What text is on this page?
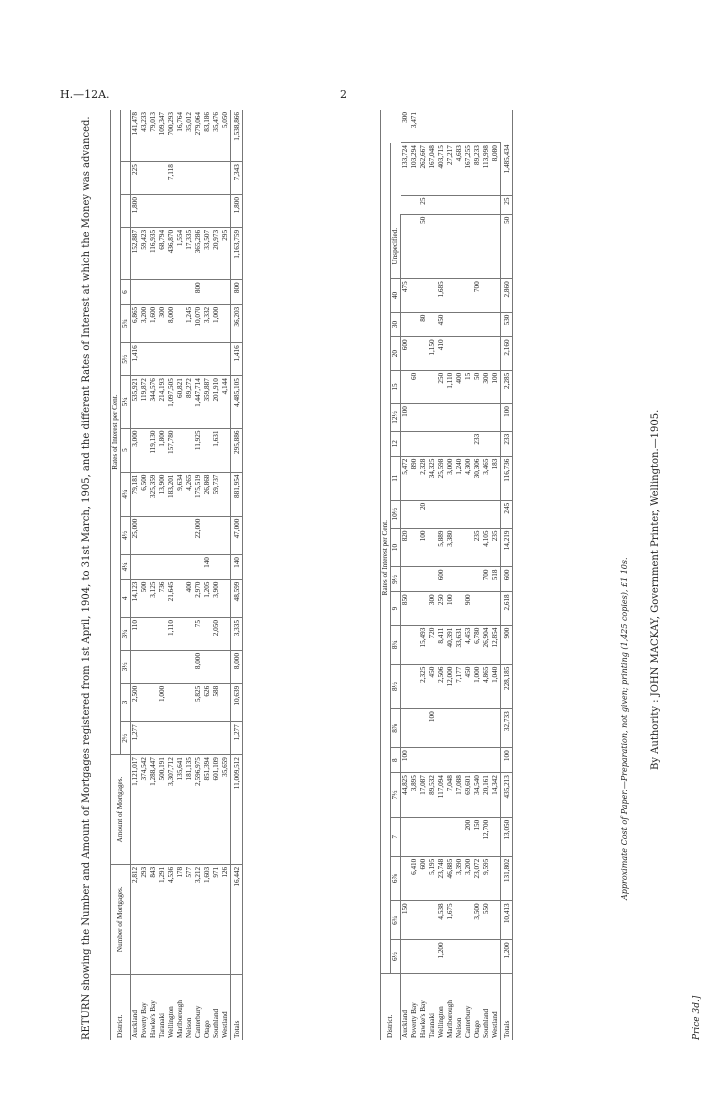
H.—12A.	2
RETURN showing the Number and Amount of Mortgages registered from 1st April, 1904, to 31st March, 1905, and the different Rates of Interest at which the Money was advanced.	District.	Number of Mortgages.	Amount of Mortgages.	Rates of Interest per Cent.																
			2½	3	3½	3¾	4	4¼	4½	4¾	5	5¼	5½	5¾	6				
Auckland	2,812	1,121,017	1,277	2,500		110	14,123		25,000	79,181	3,000	535,921	1,416	6,865		152,887	1,800	225	141,478
Poverty Bay	293	374,542					500			6,500		119,872		3,200		59,423			43,233
Hawke's Bay	843	1,288,447					3,125			325,359	119,130	344,576		1,600		116,935			79,013
Taranaki	1,291	500,191		1,000			736			13,900	1,800	214,193		300		68,794			109,347
Wellington	4,536	3,307,712				1,110	21,645			183,201	157,780	1,097,505		8,000		436,870		7,118	700,293
Marlborough	178	135,641								9,634		60,821				1,554			16,764
Nelson	577	181,135					400			4,265		89,272		1,245		17,335			35,012
Canterbury	3,212	2,596,975		5,825	8,000	75	2,970		22,000	175,519	11,925	1,447,714		10,070	800	365,286			279,064
Otago	1,603	851,394		626			1,205	140		26,868		359,887		3,332		33,507			83,186
Southland	971	601,109		588		2,050	3,900			59,737	1,631	201,910		1,000		20,973			35,476
Westland	126	35,659										4,144				295			5,050
Totals	16,442	11,009,512	1,277	10,639	8,000	3,335	48,599	140	47,000	881,954	295,886	4,485,105	1,416	36,203	800	1,163,759	1,800	7,343	1,538,866
District.	Rates of Interest per Cent.																							
	6½	6¾	6⅞	7	7½	8	8⅞	8½	8¾	9	9½	10	10½	11	12	12½	15	20	30	40	Unspecified.			
Auckland		150			44,825	100				850		820		5,472		100		600		475			133,724	300
Poverty Bay			6,410		3,895									890			60						103,294	3,471
Hawke's Bay			600		17,087			2,325	15,493			100	20	2,328					80		50	25	262,667	
Taranaki			5,195		89,532		100	450	720	300				34,325				1,150					167,048	
Wellington	1,200	4,538	23,748		117,094			2,506	8,411	250	600	5,889		25,598			250	410	450	1,685			403,715	
Marlborough		1,675	46,885		7,048			12,000	40,391	100		3,380		3,000			1,110						27,217	
Nelson			3,390		17,088			7,177	33,631					1,240			400						4,683	
Canterbury			3,200	200	69,601			450	4,453	900				4,300			15						167,255	
Otago		3,500	23,072	150	34,540			1,000	6,780			235		30,306	233		50			700			89,233	
Southland		550	9,595	12,700	20,161			4,865	26,904		700	4,105		3,465			300						113,998	
Westland					14,342			1,040	12,854		518	235		183			100						8,080	
Totals	1,200	10,413	131,802	13,050	435,213	100	32,733	228,185	900	2,618	600	14,219	245	116,736	233	100	2,285	2,160	530	2,860	50	25	1,485,434	
Approximate Cost of Paper.—Preparation, not given; printing (1,425 copies), £1 10s. By Authority : JOHN MACKAY, Government Printer, Wellington.—1905.
Price 3d.]
